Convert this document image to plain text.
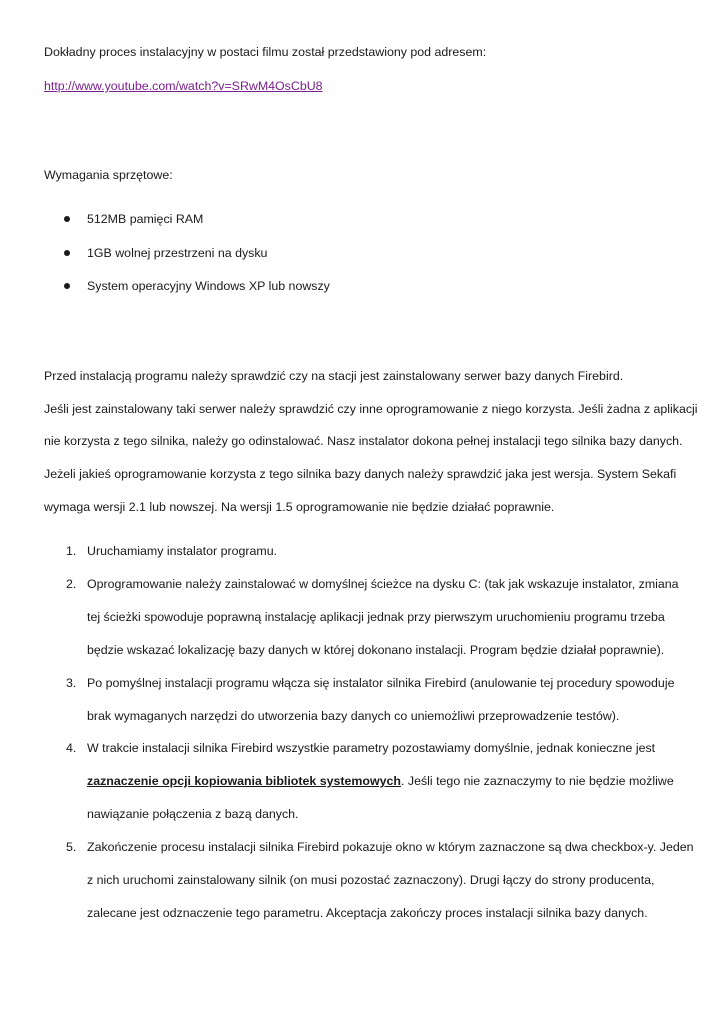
Dokładny proces instalacyjny w postaci filmu został przedstawiony pod adresem:
http://www.youtube.com/watch?v=SRwM4OsCbU8
Wymagania sprzętowe:
512MB pamięci RAM
1GB wolnej przestrzeni na dysku
System operacyjny Windows XP lub nowszy
Przed instalacją programu należy sprawdzić czy na stacji jest zainstalowany serwer bazy danych Firebird.
Jeśli jest zainstalowany taki serwer należy sprawdzić czy inne oprogramowanie z niego korzysta. Jeśli żadna z aplikacji
nie korzysta z tego silnika, należy go odinstalować. Nasz instalator dokona pełnej instalacji tego silnika bazy danych.
Jeżeli jakieś oprogramowanie korzysta z tego silnika bazy danych należy sprawdzić jaka jest wersja. System Sekafi
wymaga wersji 2.1 lub nowszej. Na wersji 1.5 oprogramowanie nie będzie działać poprawnie.
1. Uruchamiamy instalator programu.
2. Oprogramowanie należy zainstalować w domyślnej ścieżce na dysku C: (tak jak wskazuje instalator, zmiana
tej ścieżki spowoduje poprawną instalację aplikacji jednak przy pierwszym uruchomieniu programu trzeba
będzie wskazać lokalizację bazy danych w której dokonano instalacji. Program będzie działał poprawnie).
3. Po pomyślnej instalacji programu włącza się instalator silnika Firebird (anulowanie tej procedury spowoduje
brak wymaganych narzędzi do utworzenia bazy danych co uniemożliwi przeprowadzenie testów).
4. W trakcie instalacji silnika Firebird wszystkie parametry pozostawiamy domyślnie, jednak konieczne jest
zaznaczenie opcji kopiowania bibliotek systemowych. Jeśli tego nie zaznaczymy to nie będzie możliwe
nawiązanie połączenia z bazą danych.
5. Zakończenie procesu instalacji silnika Firebird pokazuje okno w którym zaznaczone są dwa checkbox-y. Jeden
z nich uruchomi zainstalowany silnik (on musi pozostać zaznaczony). Drugi łączy do strony producenta,
zalecane jest odznaczenie tego parametru. Akceptacja zakończy proces instalacji silnika bazy danych.
